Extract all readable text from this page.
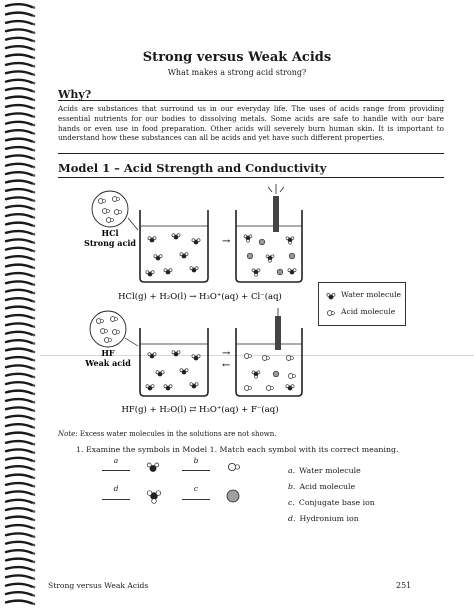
Strong versus Weak Acids
What makes a strong acid strong?
Why?
Acids are substances that surround us in our everyday life. The uses of acids range from providing essential nutrients for our bodies to dissolving metals. Some acids are safe to handle with our bare hands or even use in food preparation. Other acids will severely burn human skin. It is important to understand how these substances can all be acids and yet have such different properties.
Model 1 – Acid Strength and Conductivity
HCl
Strong acid	→
HCl(g) + H₂O(l) → H₃O⁺(aq) + Cl⁻(aq)
HF
Weak acid
→
←
HF(g) + H₂O(l) ⇄ H₃O⁺(aq) + F⁻(aq)
Water molecule
Acid molecule
Note: Excess water molecules in the solutions are not shown.
1. Examine the symbols in Model 1. Match each symbol with its correct meaning.
a	b
d	c
a. Water molecule
b. Acid molecule
c. Conjugate base ion
d. Hydronium ion
Strong versus Weak Acids	251
